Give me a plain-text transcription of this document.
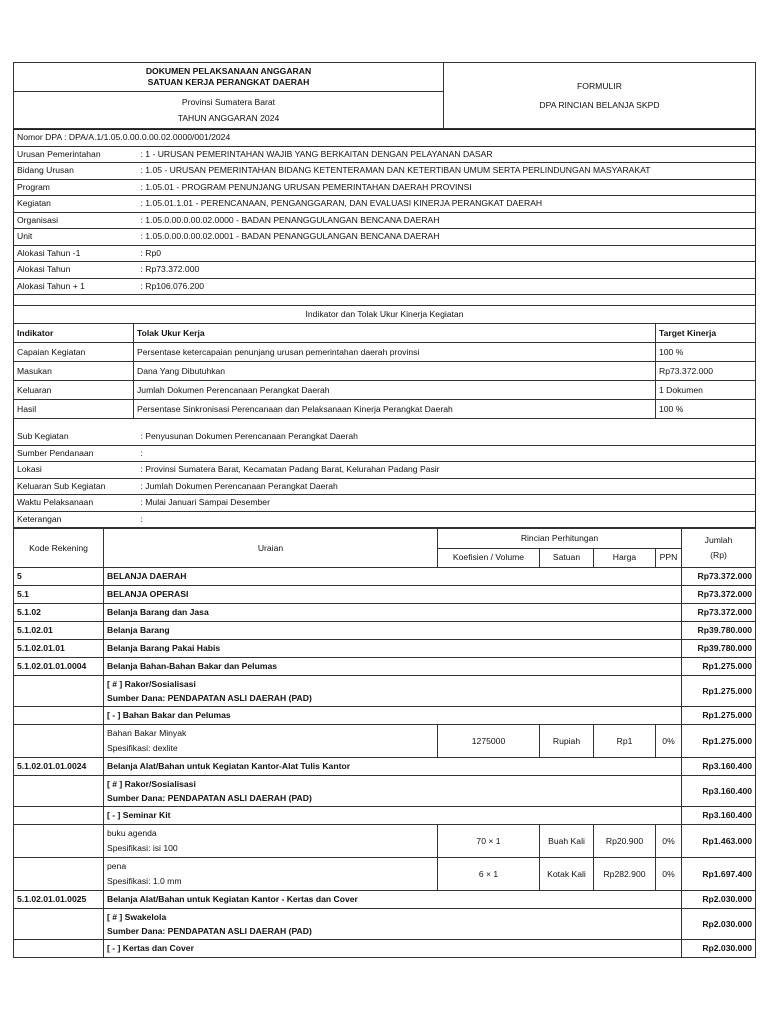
DOKUMEN PELAKSANAAN ANGGARAN
SATUAN KERJA PERANGKAT DAERAH	FORMULIR
DPA RINCIAN BELANJA SKPD

Provinsi Sumatera Barat
TAHUN ANGGARAN 2024
Nomor DPA : DPA/A.1/1.05.0.00.0.00.02.0000/001/2024	
Urusan Pemerintahan	: 1 - URUSAN PEMERINTAHAN WAJIB YANG BERKAITAN DENGAN PELAYANAN DASAR
Bidang Urusan	: 1.05 - URUSAN PEMERINTAHAN BIDANG KETENTERAMAN DAN KETERTIBAN UMUM SERTA PERLINDUNGAN MASYARAKAT
Program	: 1.05.01 - PROGRAM PENUNJANG URUSAN PEMERINTAHAN DAERAH PROVINSI
Kegiatan	: 1.05.01.1.01 - PERENCANAAN, PENGANGGARAN, DAN EVALUASI KINERJA PERANGKAT DAERAH
Organisasi	: 1.05.0.00.0.00.02.0000 - BADAN PENANGGULANGAN BENCANA DAERAH
Unit	: 1.05.0.00.0.00.02.0001 - BADAN PENANGGULANGAN BENCANA DAERAH
Alokasi Tahun -1	: Rp0
Alokasi Tahun	: Rp73.372.000
Alokasi Tahun + 1	: Rp106.076.200
Indikator dan Tolak Ukur Kinerja Kegiatan		
Indikator	Tolak Ukur Kerja	Target Kinerja
Capaian Kegiatan	Persentase ketercapaian penunjang urusan pemerintahan daerah provinsi	100 %
Masukan	Dana Yang Dibutuhkan	Rp73.372.000
Keluaran	Jumlah Dokumen Perencanaan Perangkat Daerah	1 Dokumen
Hasil	Persentase Sinkronisasi Perencanaan dan Pelaksanaan Kinerja Perangkat Daerah	100 %
Sub Kegiatan	: Penyusunan Dokumen Perencanaan Perangkat Daerah
Sumber Pendanaan	:
Lokasi	: Provinsi Sumatera Barat, Kecamatan Padang Barat, Kelurahan Padang Pasir
Keluaran Sub Kegiatan	: Jumlah Dokumen Perencanaan Perangkat Daerah
Waktu Pelaksanaan	: Mulai Januari Sampai Desember
Keterangan	:
Kode Rekening	Uraian	Rincian Perhitungan				Jumlah
(Rp)

		Koefisien / Volume	Satuan	Harga	PPN	
5	BELANJA DAERAH					Rp73.372.000
5.1	BELANJA OPERASI					Rp73.372.000
5.1.02	Belanja Barang dan Jasa					Rp73.372.000
5.1.02.01	Belanja Barang					Rp39.780.000
5.1.02.01.01	Belanja Barang Pakai Habis					Rp39.780.000
5.1.02.01.01.0004	Belanja Bahan-Bahan Bakar dan Pelumas					Rp1.275.000

	[ # ] Rakor/Sosialisasi
Sumber Dana: PENDAPATAN ASLI DAERAH (PAD)					Rp1.275.000
	[ - ] Bahan Bakar dan Pelumas					Rp1.275.000

	Bahan Bakar Minyak
Spesifikasi: dexlite	1275000	Rupiah	Rp1	0%	Rp1.275.000
5.1.02.01.01.0024	Belanja Alat/Bahan untuk Kegiatan Kantor-Alat Tulis Kantor					Rp3.160.400

	[ # ] Rakor/Sosialisasi
Sumber Dana: PENDAPATAN ASLI DAERAH (PAD)					Rp3.160.400
	[ - ] Seminar Kit					Rp3.160.400

	buku agenda
Spesifikasi: isi 100	70 × 1	Buah Kali	Rp20.900	0%	Rp1.463.000

	pena
Spesifikasi: 1.0 mm	6 × 1	Kotak Kali	Rp282.900	0%	Rp1.697.400
5.1.02.01.01.0025	Belanja Alat/Bahan untuk Kegiatan Kantor - Kertas dan Cover					Rp2.030.000

	[ # ] Swakelola
Sumber Dana: PENDAPATAN ASLI DAERAH (PAD)					Rp2.030.000
	[ - ] Kertas dan Cover					Rp2.030.000
